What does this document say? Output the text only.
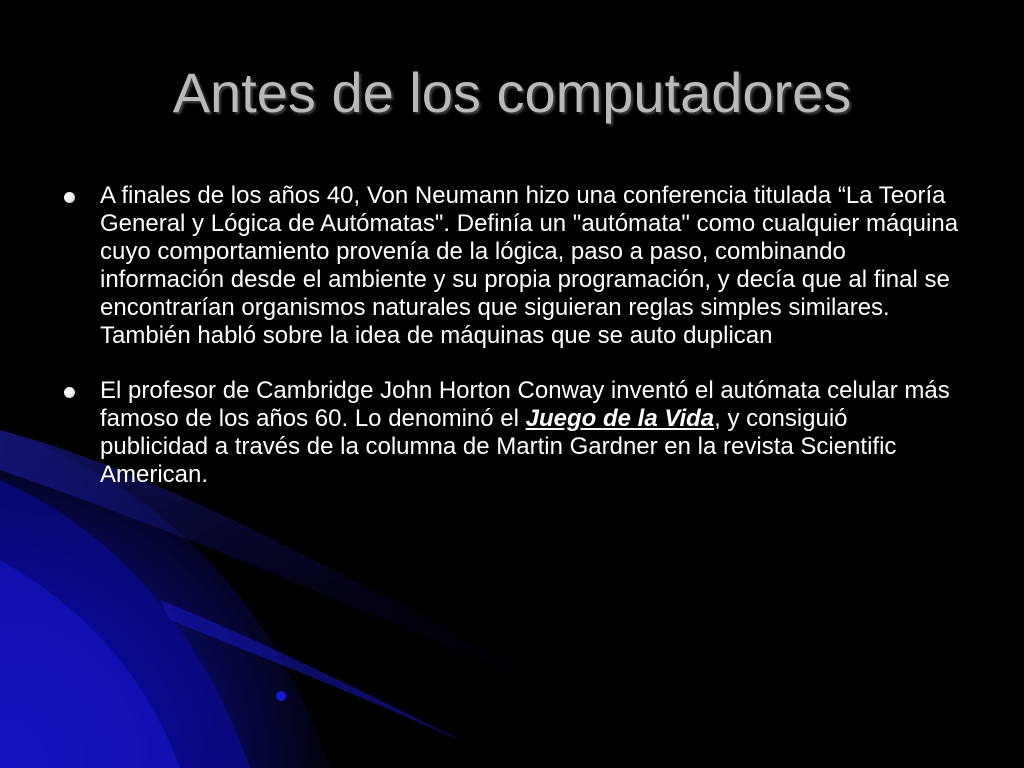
Antes de los computadores
A finales de los años 40, Von Neumann hizo una conferencia titulada “La Teoría General y Lógica de Autómatas". Definía un "autómata" como cualquier máquina cuyo comportamiento provenía de la lógica, paso a paso, combinando información desde el ambiente y su propia programación, y decía que al final se encontrarían organismos naturales que siguieran reglas simples similares. También habló sobre la idea de máquinas que se auto duplican
El profesor de Cambridge John Horton Conway inventó el autómata celular más famoso de los años 60. Lo denominó el Juego de la Vida, y consiguió publicidad a través de la columna de Martin Gardner en la revista Scientific American.
